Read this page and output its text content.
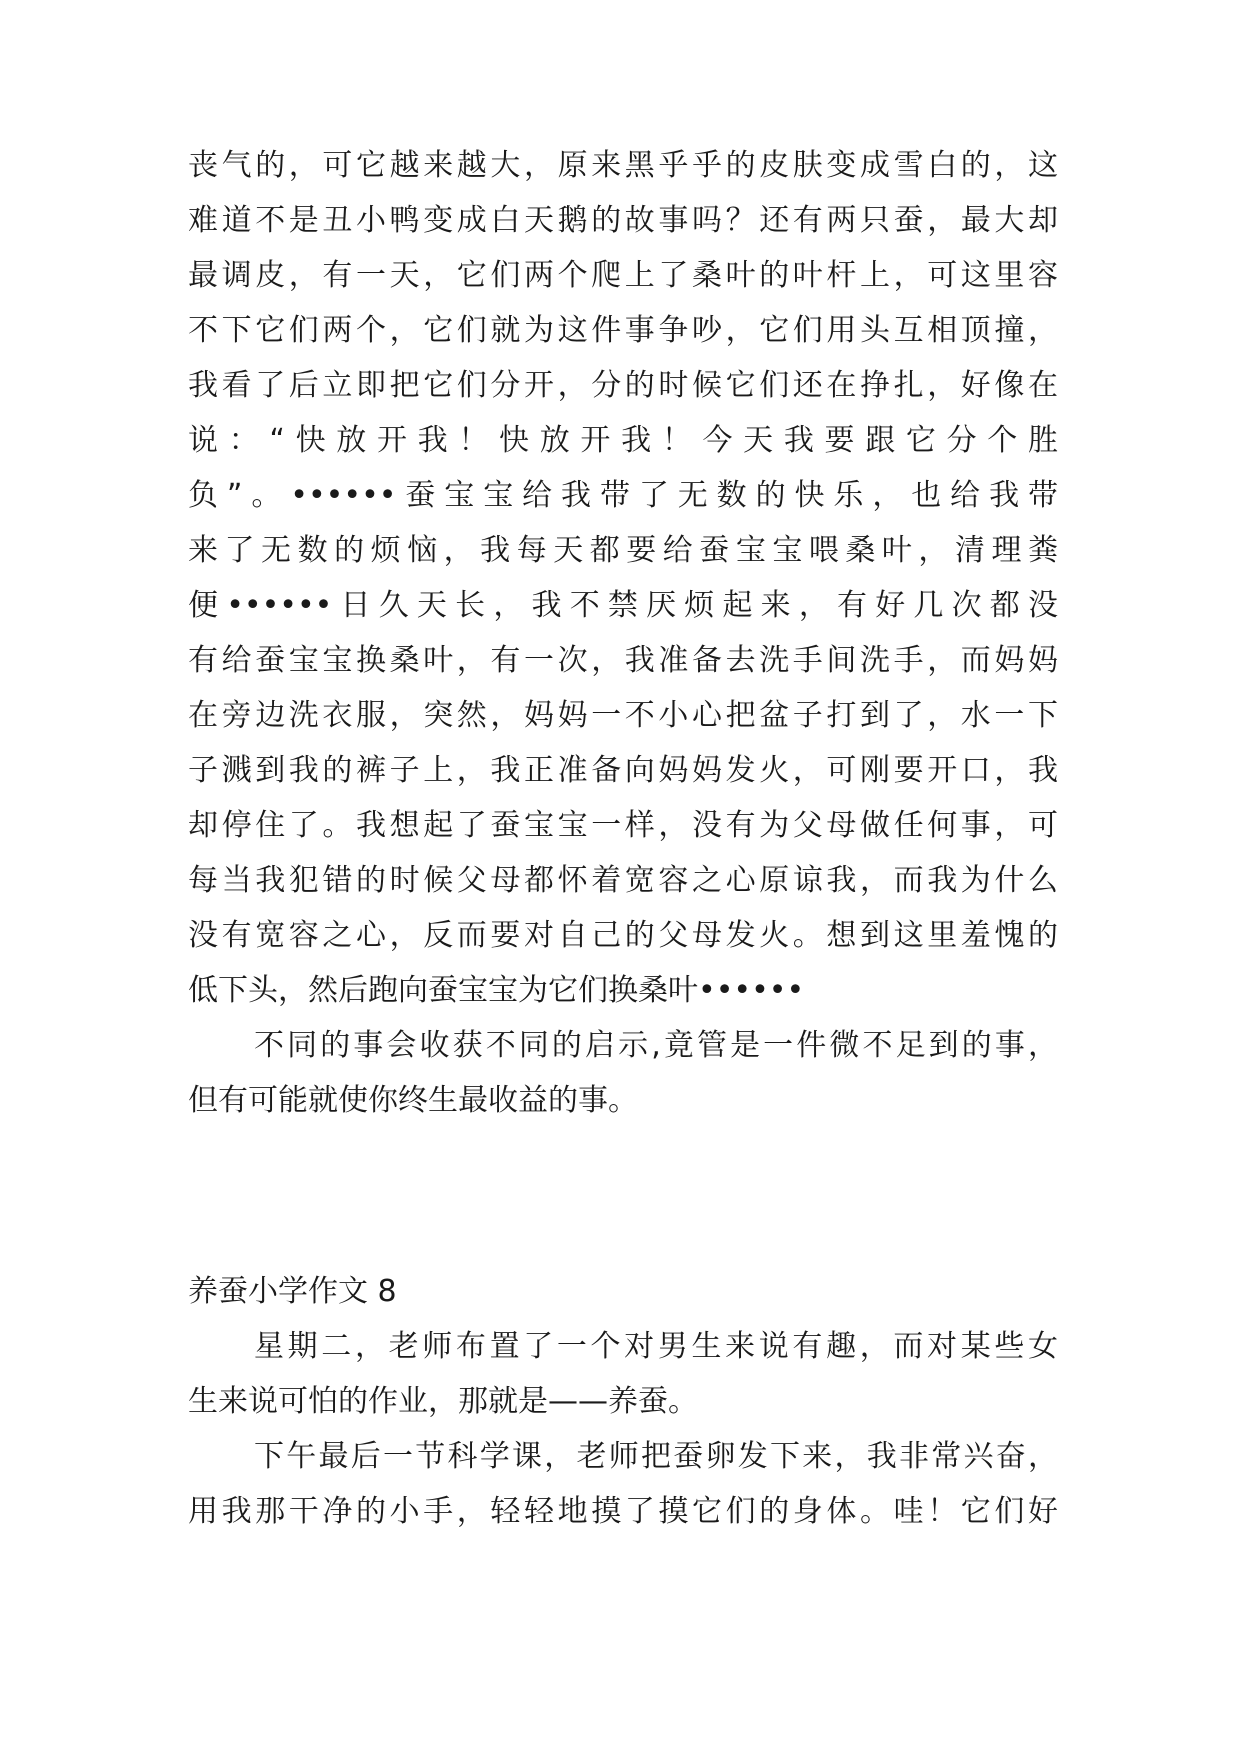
丧气的，可它越来越大，原来黑乎乎的皮肤变成雪白的，这
难道不是丑小鸭变成白天鹅的故事吗？还有两只蚕，最大却
最调皮，有一天，它们两个爬上了桑叶的叶杆上，可这里容
不下它们两个，它们就为这件事争吵，它们用头互相顶撞，
我看了后立即把它们分开，分的时候它们还在挣扎，好像在
说：“快放开我！快放开我！今天我要跟它分个胜
负”。••••••蚕宝宝给我带了无数的快乐，也给我带
来了无数的烦恼，我每天都要给蚕宝宝喂桑叶，清理粪
便••••••日久天长，我不禁厌烦起来，有好几次都没
有给蚕宝宝换桑叶，有一次，我准备去洗手间洗手，而妈妈
在旁边洗衣服，突然，妈妈一不小心把盆子打到了，水一下
子溅到我的裤子上，我正准备向妈妈发火，可刚要开口，我
却停住了。我想起了蚕宝宝一样，没有为父母做任何事，可
每当我犯错的时候父母都怀着宽容之心原谅我，而我为什么
没有宽容之心，反而要对自己的父母发火。想到这里羞愧的
低下头，然后跑向蚕宝宝为它们换桑叶••••••
不同的事会收获不同的启示,竟管是一件微不足到的事，
但有可能就使你终生最收益的事。
养蚕小学作文 8
星期二，老师布置了一个对男生来说有趣，而对某些女
生来说可怕的作业，那就是——养蚕。
下午最后一节科学课，老师把蚕卵发下来，我非常兴奋，
用我那干净的小手，轻轻地摸了摸它们的身体。哇！它们好
